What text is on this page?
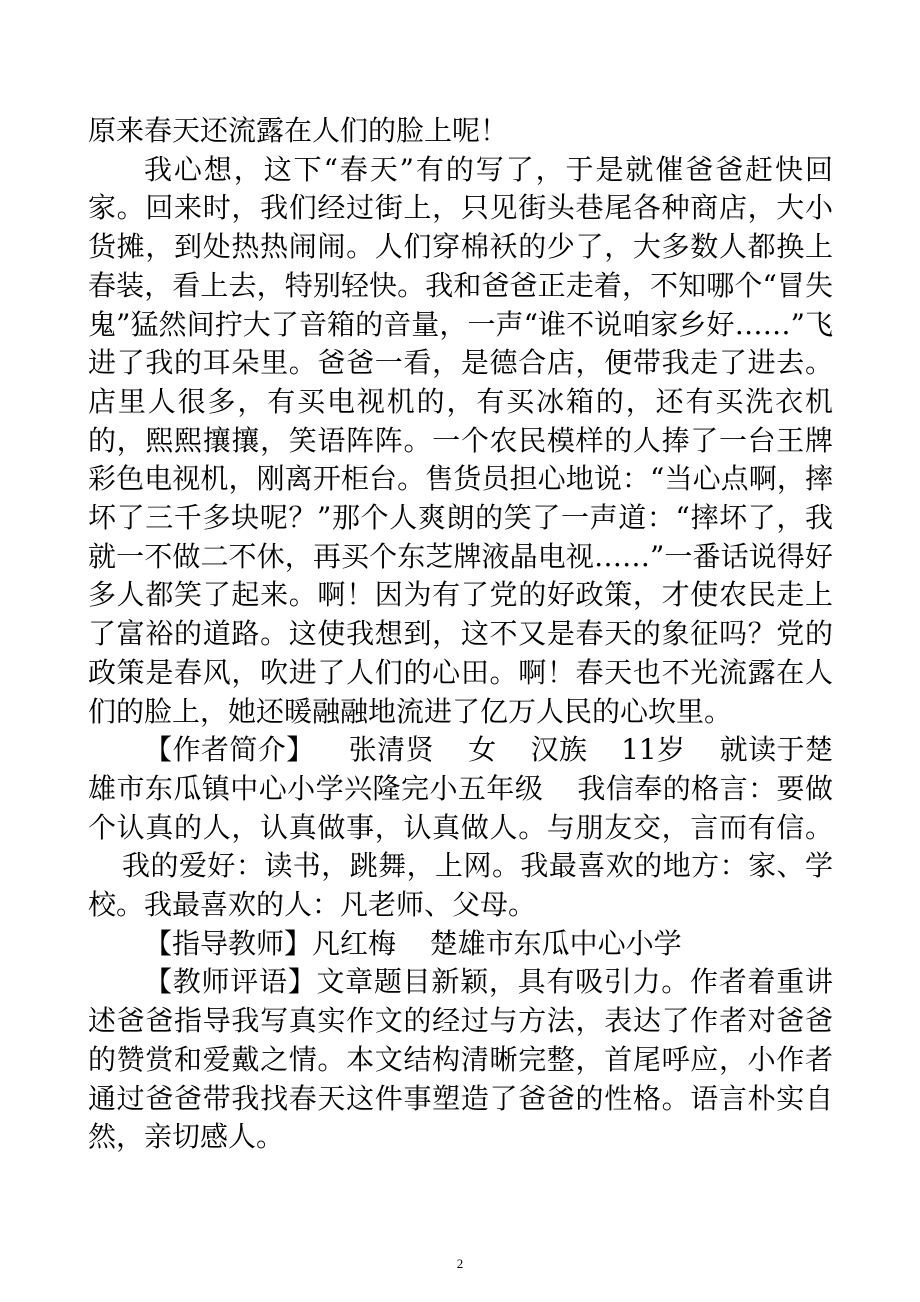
原来春天还流露在人们的脸上呢！

我心想，这下“春天”有的写了，于是就催爸爸赶快回家。回来时，我们经过街上，只见街头巷尾各种商店，大小货摊，到处热热闹闹。人们穿棉袄的少了，大多数人都换上春装，看上去，特别轻快。我和爸爸正走着，不知哪个“冒失鬼”猛然间拧大了音箱的音量，一声“谁不说咱家乡好……”飞进了我的耳朵里。爸爸一看，是德合店，便带我走了进去。店里人很多，有买电视机的，有买冰箱的，还有买洗衣机的，熙熙攘攘，笑语阵阵。一个农民模样的人捧了一台王牌彩色电视机，刚离开柜台。售货员担心地说：“当心点啊，摔坏了三千多块呢？”那个人爽朗的笑了一声道：“摔坏了，我就一不做二不休，再买个东芝牌液晶电视……”一番话说得好多人都笑了起来。啊！因为有了党的好政策，才使农民走上了富裕的道路。这使我想到，这不又是春天的象征吗？党的政策是春风，吹进了人们的心田。啊！春天也不光流露在人们的脸上，她还暖融融地流进了亿万人民的心坎里。

【作者简介】 张清贤 女 汉族 11岁 就读于楚雄市东瓜镇中心小学兴隆完小五年级 我信奉的格言：要做个认真的人，认真做事，认真做人。与朋友交，言而有信。我的爱好：读书，跳舞，上网。我最喜欢的地方：家、学校。我最喜欢的人：凡老师、父母。

【指导教师】凡红梅 楚雄市东瓜中心小学

【教师评语】文章题目新颖，具有吸引力。作者着重讲述爸爸指导我写真实作文的经过与方法，表达了作者对爸爸的赞赏和爱戴之情。本文结构清晰完整，首尾呼应，小作者通过爸爸带我找春天这件事塑造了爸爸的性格。语言朴实自然，亲切感人。

2
